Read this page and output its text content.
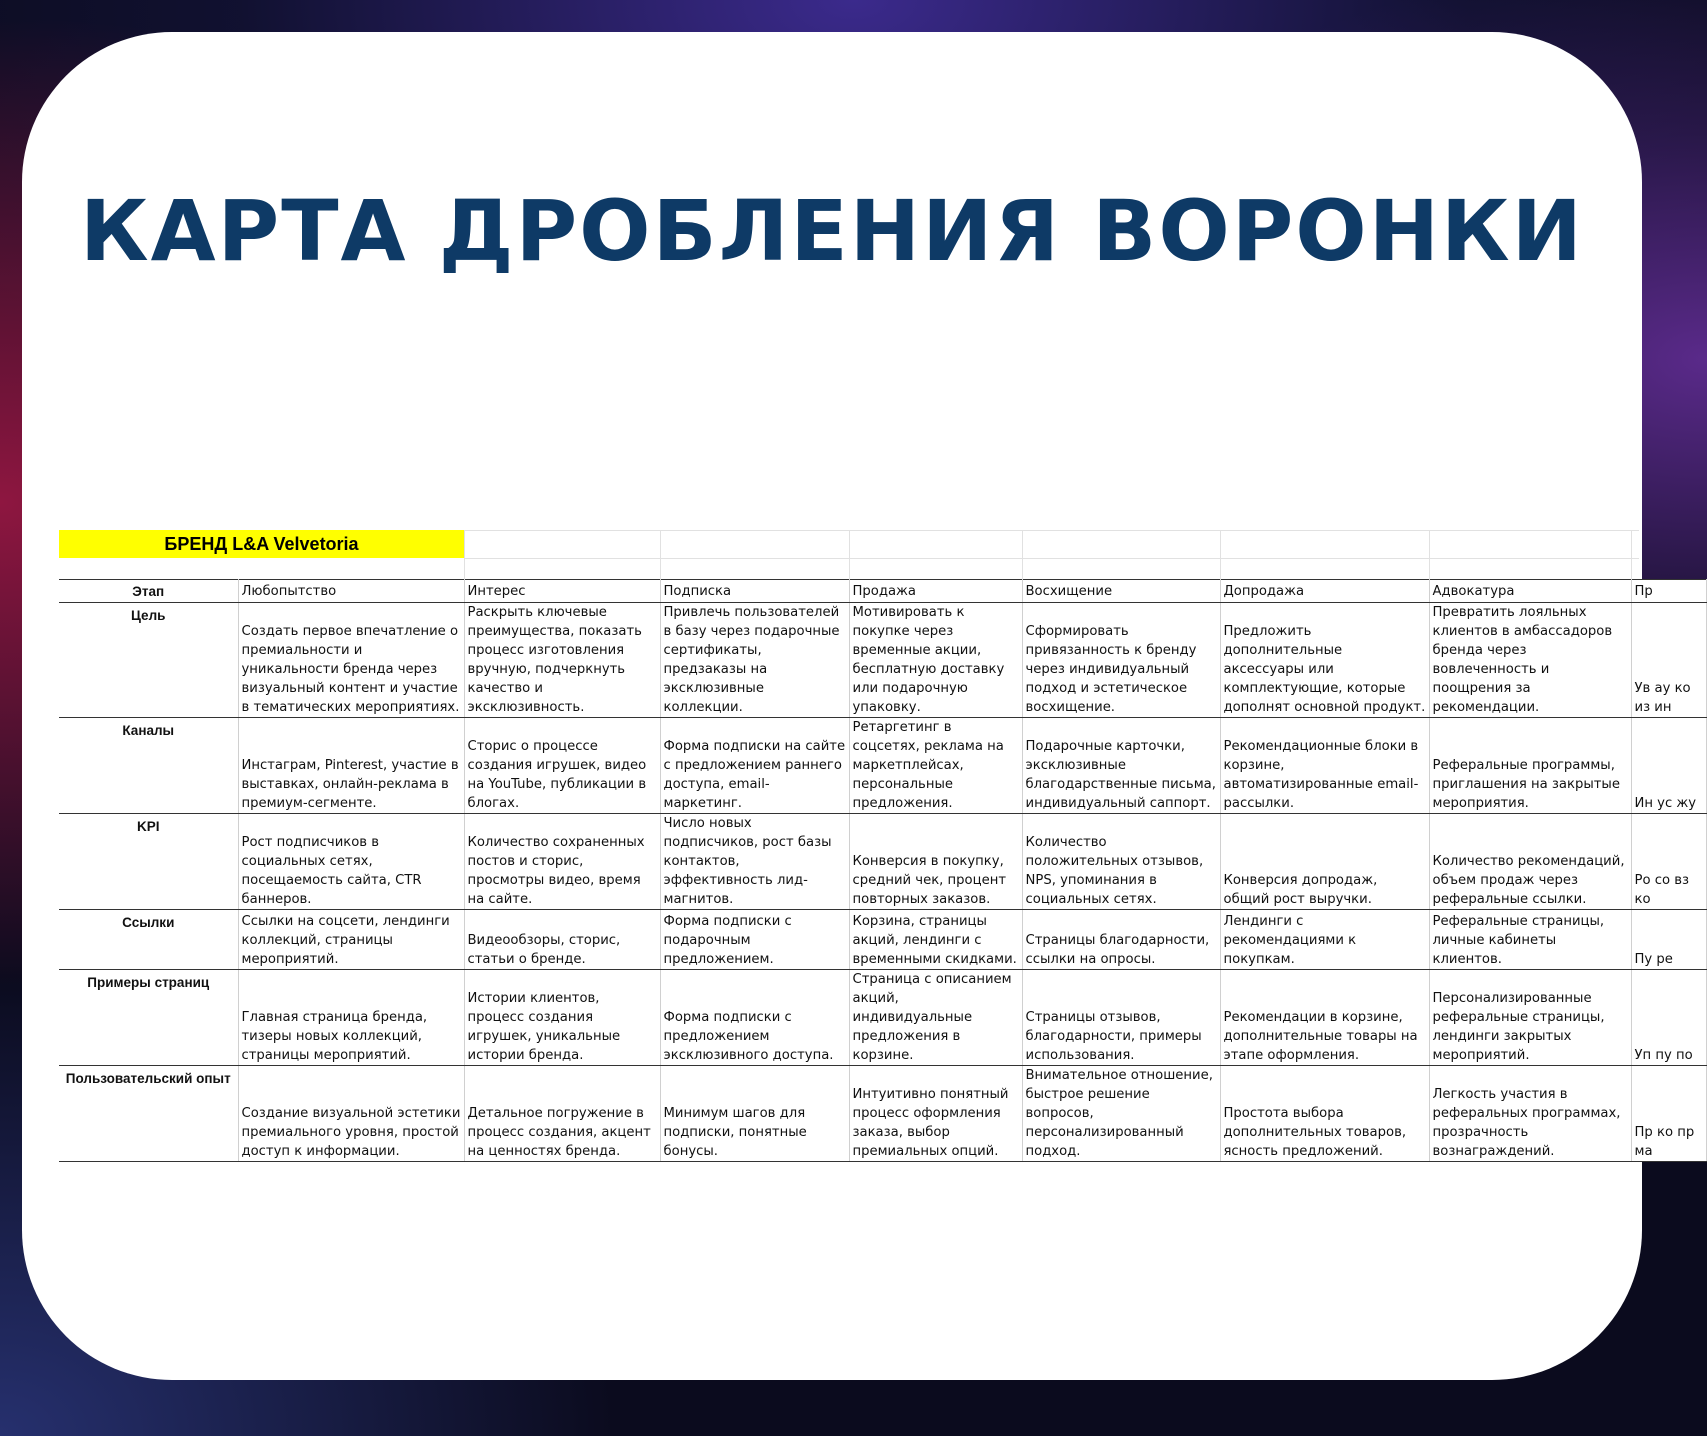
КАРТА ДРОБЛЕНИЯ ВОРОНКИ
БРЕНД L&A Velvetoria
Этап	Любопытство	Интерес	Подписка	Продажа	Восхищение	Допродажа	Адвокатура	Пр
Цель	Создать первое впечатление о премиальности и уникальности бренда через визуальный контент и участие в тематических мероприятиях.	Раскрыть ключевые преимущества, показать процесс изготовления вручную, подчеркнуть качество и эксклюзивность.	Привлечь пользователей в базу через подарочные сертификаты, предзаказы на эксклюзивные коллекции.	Мотивировать к покупке через временные акции, бесплатную доставку или подарочную упаковку.	Сформировать привязанность к бренду через индивидуальный подход и эстетическое восхищение.	Предложить дополнительные аксессуары или комплектующие, которые дополнят основной продукт.	Превратить лояльных клиентов в амбассадоров бренда через вовлеченность и поощрения за рекомендации.	Ув ау ко из ин
Каналы	Инстаграм, Pinterest, участие в выставках, онлайн-реклама в премиум-сегменте.	Сторис о процессе создания игрушек, видео на YouTube, публикации в блогах.	Форма подписки на сайте с предложением раннего доступа, email-маркетинг.	Ретаргетинг в соцсетях, реклама на маркетплейсах, персональные предложения.	Подарочные карточки, эксклюзивные благодарственные письма, индивидуальный саппорт.	Рекомендационные блоки в корзине, автоматизированные email-рассылки.	Реферальные программы, приглашения на закрытые мероприятия.	Ин ус жу
KPI	Рост подписчиков в социальных сетях, посещаемость сайта, CTR баннеров.	Количество сохраненных постов и сторис, просмотры видео, время на сайте.	Число новых подписчиков, рост базы контактов, эффективность лид-магнитов.	Конверсия в покупку, средний чек, процент повторных заказов.	Количество положительных отзывов, NPS, упоминания в социальных сетях.	Конверсия допродаж, общий рост выручки.	Количество рекомендаций, объем продаж через реферальные ссылки.	Ро со вз ко
Ссылки	Ссылки на соцсети, лендинги коллекций, страницы мероприятий.	Видеообзоры, сторис, статьи о бренде.	Форма подписки с подарочным предложением.	Корзина, страницы акций, лендинги с временными скидками.	Страницы благодарности, ссылки на опросы.	Лендинги с рекомендациями к покупкам.	Реферальные страницы, личные кабинеты клиентов.	Пу ре
Примеры страниц	Главная страница бренда, тизеры новых коллекций, страницы мероприятий.	Истории клиентов, процесс создания игрушек, уникальные истории бренда.	Форма подписки с предложением эксклюзивного доступа.	Страница с описанием акций, индивидуальные предложения в корзине.	Страницы отзывов, благодарности, примеры использования.	Рекомендации в корзине, дополнительные товары на этапе оформления.	Персонализированные реферальные страницы, лендинги закрытых мероприятий.	Уп пу по
Пользовательский опыт	Создание визуальной эстетики премиального уровня, простой доступ к информации.	Детальное погружение в процесс создания, акцент на ценностях бренда.	Минимум шагов для подписки, понятные бонусы.	Интуитивно понятный процесс оформления заказа, выбор премиальных опций.	Внимательное отношение, быстрое решение вопросов, персонализированный подход.	Простота выбора дополнительных товаров, ясность предложений.	Легкость участия в реферальных программах, прозрачность вознаграждений.	Пр ко пр ма
